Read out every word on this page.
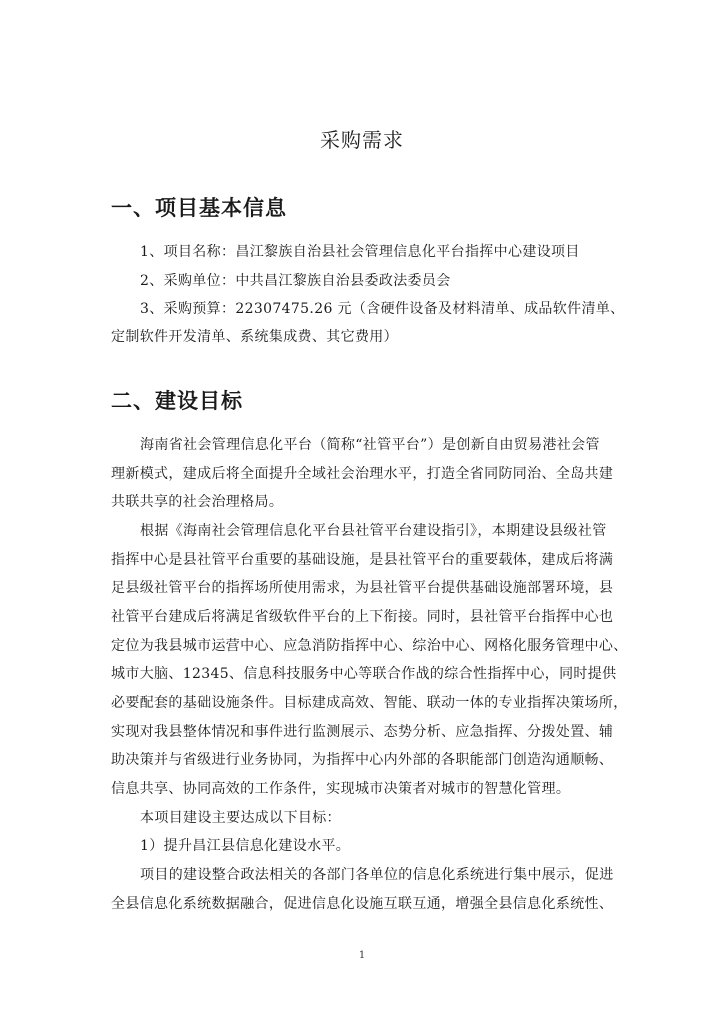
采购需求
一、项目基本信息
1、项目名称：昌江黎族自治县社会管理信息化平台指挥中心建设项目
2、采购单位：中共昌江黎族自治县委政法委员会
3、采购预算：22307475.26 元（含硬件设备及材料清单、成品软件清单、
定制软件开发清单、系统集成费、其它费用）
二、建设目标
海南省社会管理信息化平台（简称“社管平台”）是创新自由贸易港社会管
理新模式，建成后将全面提升全域社会治理水平，打造全省同防同治、全岛共建
共联共享的社会治理格局。
根据《海南社会管理信息化平台县社管平台建设指引》，本期建设县级社管
指挥中心是县社管平台重要的基础设施，是县社管平台的重要载体，建成后将满
足县级社管平台的指挥场所使用需求，为县社管平台提供基础设施部署环境，县
社管平台建成后将满足省级软件平台的上下衔接。同时，县社管平台指挥中心也
定位为我县城市运营中心、应急消防指挥中心、综治中心、网格化服务管理中心、
城市大脑、12345、信息科技服务中心等联合作战的综合性指挥中心，同时提供
必要配套的基础设施条件。目标建成高效、智能、联动一体的专业指挥决策场所，
实现对我县整体情况和事件进行监测展示、态势分析、应急指挥、分拨处置、辅
助决策并与省级进行业务协同，为指挥中心内外部的各职能部门创造沟通顺畅、
信息共享、协同高效的工作条件，实现城市决策者对城市的智慧化管理。
本项目建设主要达成以下目标：
1）提升昌江县信息化建设水平。
项目的建设整合政法相关的各部门各单位的信息化系统进行集中展示，促进
全县信息化系统数据融合，促进信息化设施互联互通，增强全县信息化系统性、
1
